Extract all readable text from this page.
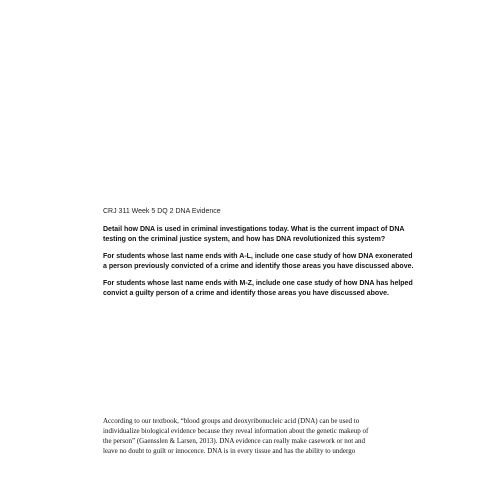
CRJ 311 Week 5 DQ 2 DNA Evidence
Detail how DNA is used in criminal investigations today. What is the current impact of DNA
testing on the criminal justice system, and how has DNA revolutionized this system?
For students whose last name ends with A-L, include one case study of how DNA exonerated
a person previously convicted of a crime and identify those areas you have discussed above.
For students whose last name ends with M-Z, include one case study of how DNA has helped
convict a guilty person of a crime and identify those areas you have discussed above.
According to our textbook, “blood groups and deoxyribonucleic acid (DNA) can be used to
individualize biological evidence because they reveal information about the genetic makeup of
the person” (Gaensslen & Larsen, 2013). DNA evidence can really make casework or not and
leave no doubt to guilt or innocence. DNA is in every tissue and has the ability to undergo
